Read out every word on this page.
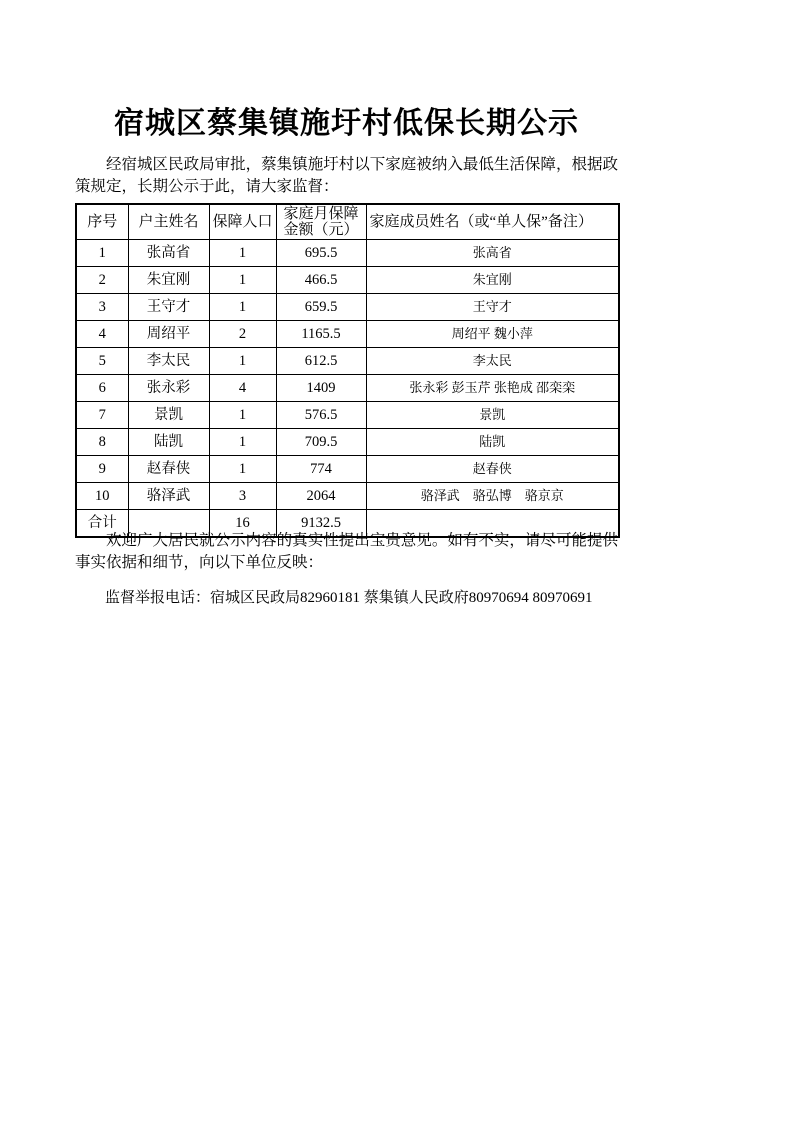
宿城区蔡集镇施圩村低保长期公示

经宿城区民政局审批，蔡集镇施圩村以下家庭被纳入最低生活保障，根据政策规定，长期公示于此，请大家监督：

序号	户主姓名	保障人口	家庭月保障金额（元）	家庭成员姓名（或“单人保”备注）
1	张高省	1	695.5	张高省
2	朱宜刚	1	466.5	朱宜刚
3	王守才	1	659.5	王守才
4	周绍平	2	1165.5	周绍平 魏小萍
5	李太民	1	612.5	李太民
6	张永彩	4	1409	张永彩 彭玉芹 张艳成 邵栾栾
7	景凯	1	576.5	景凯
8	陆凯	1	709.5	陆凯
9	赵春侠	1	774	赵春侠
10	骆泽武	3	2064	骆泽武　骆弘博　骆京京
合计		16	9132.5	

欢迎广大居民就公示内容的真实性提出宝贵意见。如有不实，请尽可能提供事实依据和细节，向以下单位反映：

监督举报电话：宿城区民政局82960181 蔡集镇人民政府80970694 80970691
